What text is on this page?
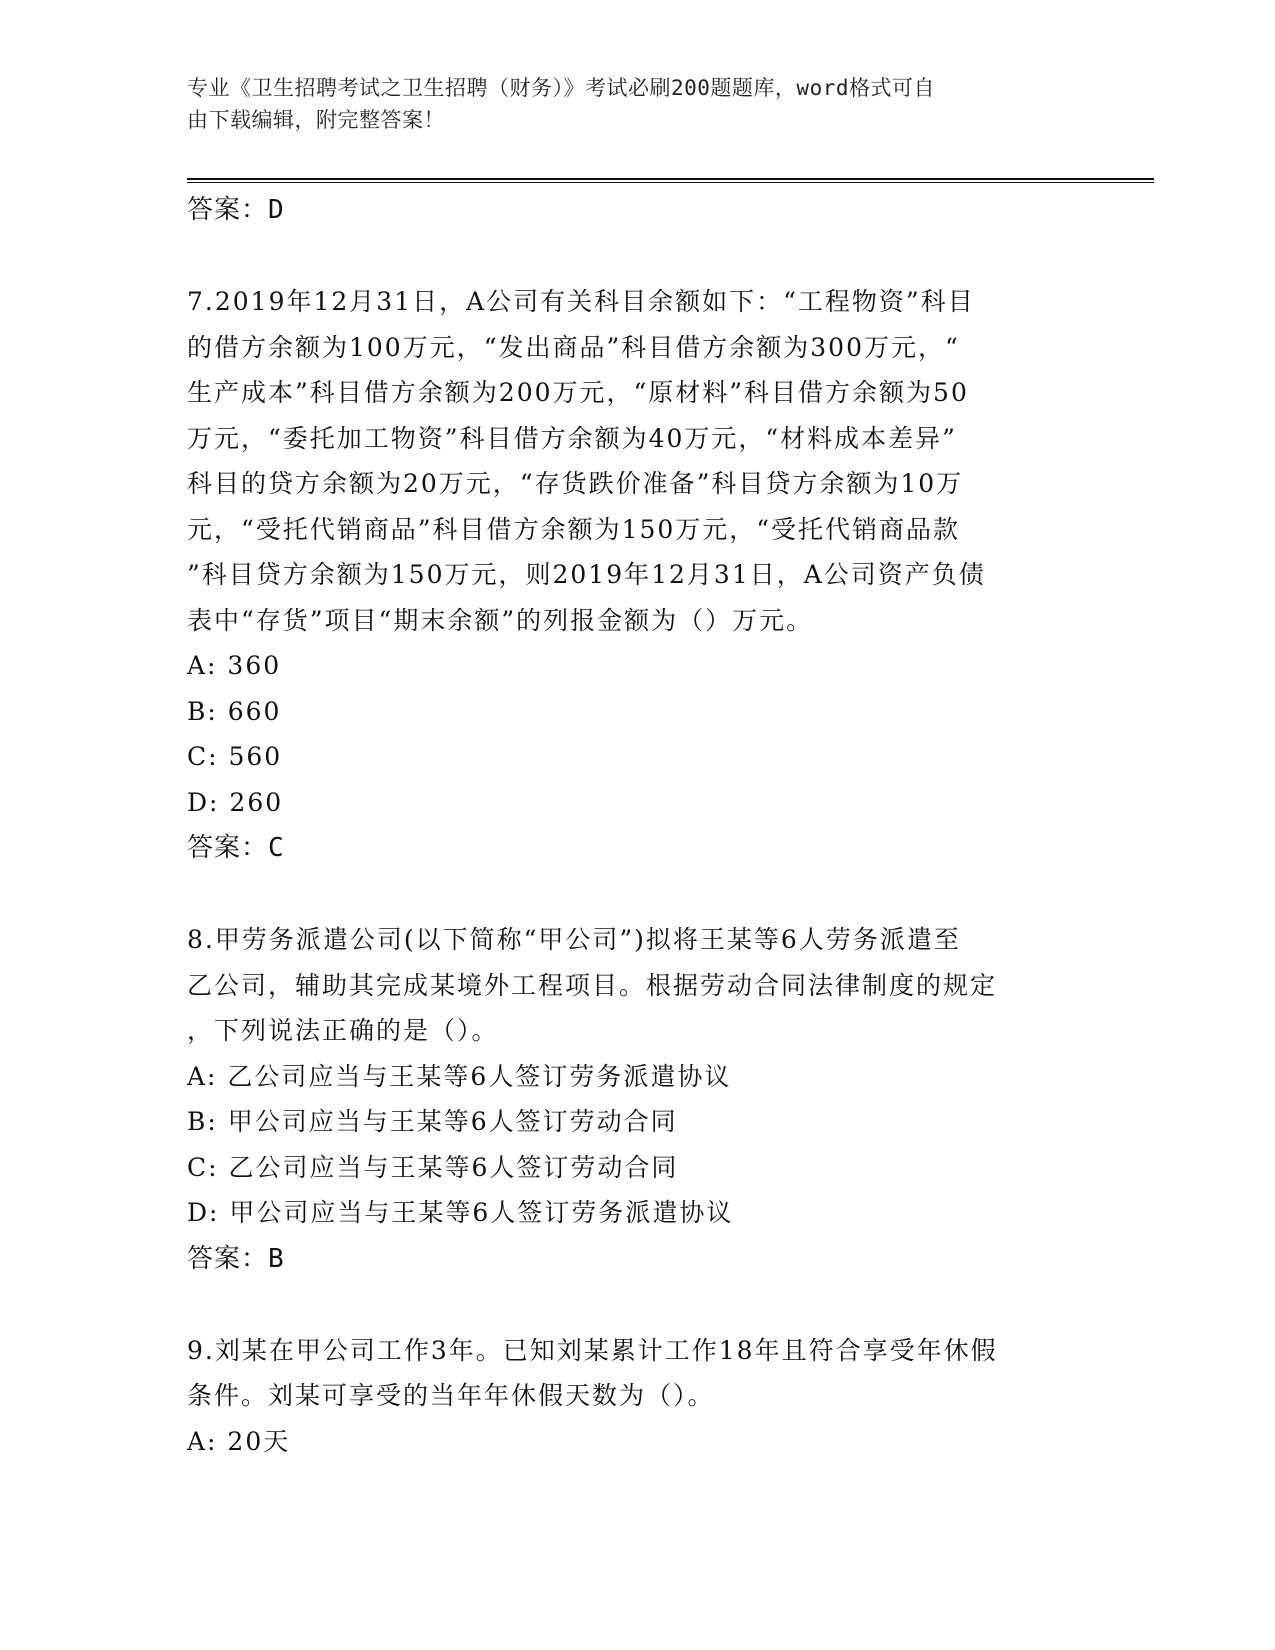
专业《卫生招聘考试之卫生招聘（财务）》考试必刷200题题库，word格式可自
由下载编辑，附完整答案！

答案：D

7.2019年12月31日，A公司有关科目余额如下：“工程物资”科目

的借方余额为100万元，“发出商品”科目借方余额为300万元，“

生产成本”科目借方余额为200万元，“原材料”科目借方余额为50

万元，“委托加工物资”科目借方余额为40万元，“材料成本差异”

科目的贷方余额为20万元，“存货跌价准备”科目贷方余额为10万

元，“受托代销商品”科目借方余额为150万元，“受托代销商品款

”科目贷方余额为150万元，则2019年12月31日，A公司资产负债

表中“存货”项目“期末余额”的列报金额为（）万元。

A: 360

B: 660

C: 560

D: 260

答案：C

8.甲劳务派遣公司(以下简称“甲公司”)拟将王某等6人劳务派遣至

乙公司，辅助其完成某境外工程项目。根据劳动合同法律制度的规定

，下列说法正确的是（）。

A: 乙公司应当与王某等6人签订劳务派遣协议

B: 甲公司应当与王某等6人签订劳动合同

C: 乙公司应当与王某等6人签订劳动合同

D: 甲公司应当与王某等6人签订劳务派遣协议

答案：B

9.刘某在甲公司工作3年。已知刘某累计工作18年且符合享受年休假

条件。刘某可享受的当年年休假天数为（）。

A: 20天
